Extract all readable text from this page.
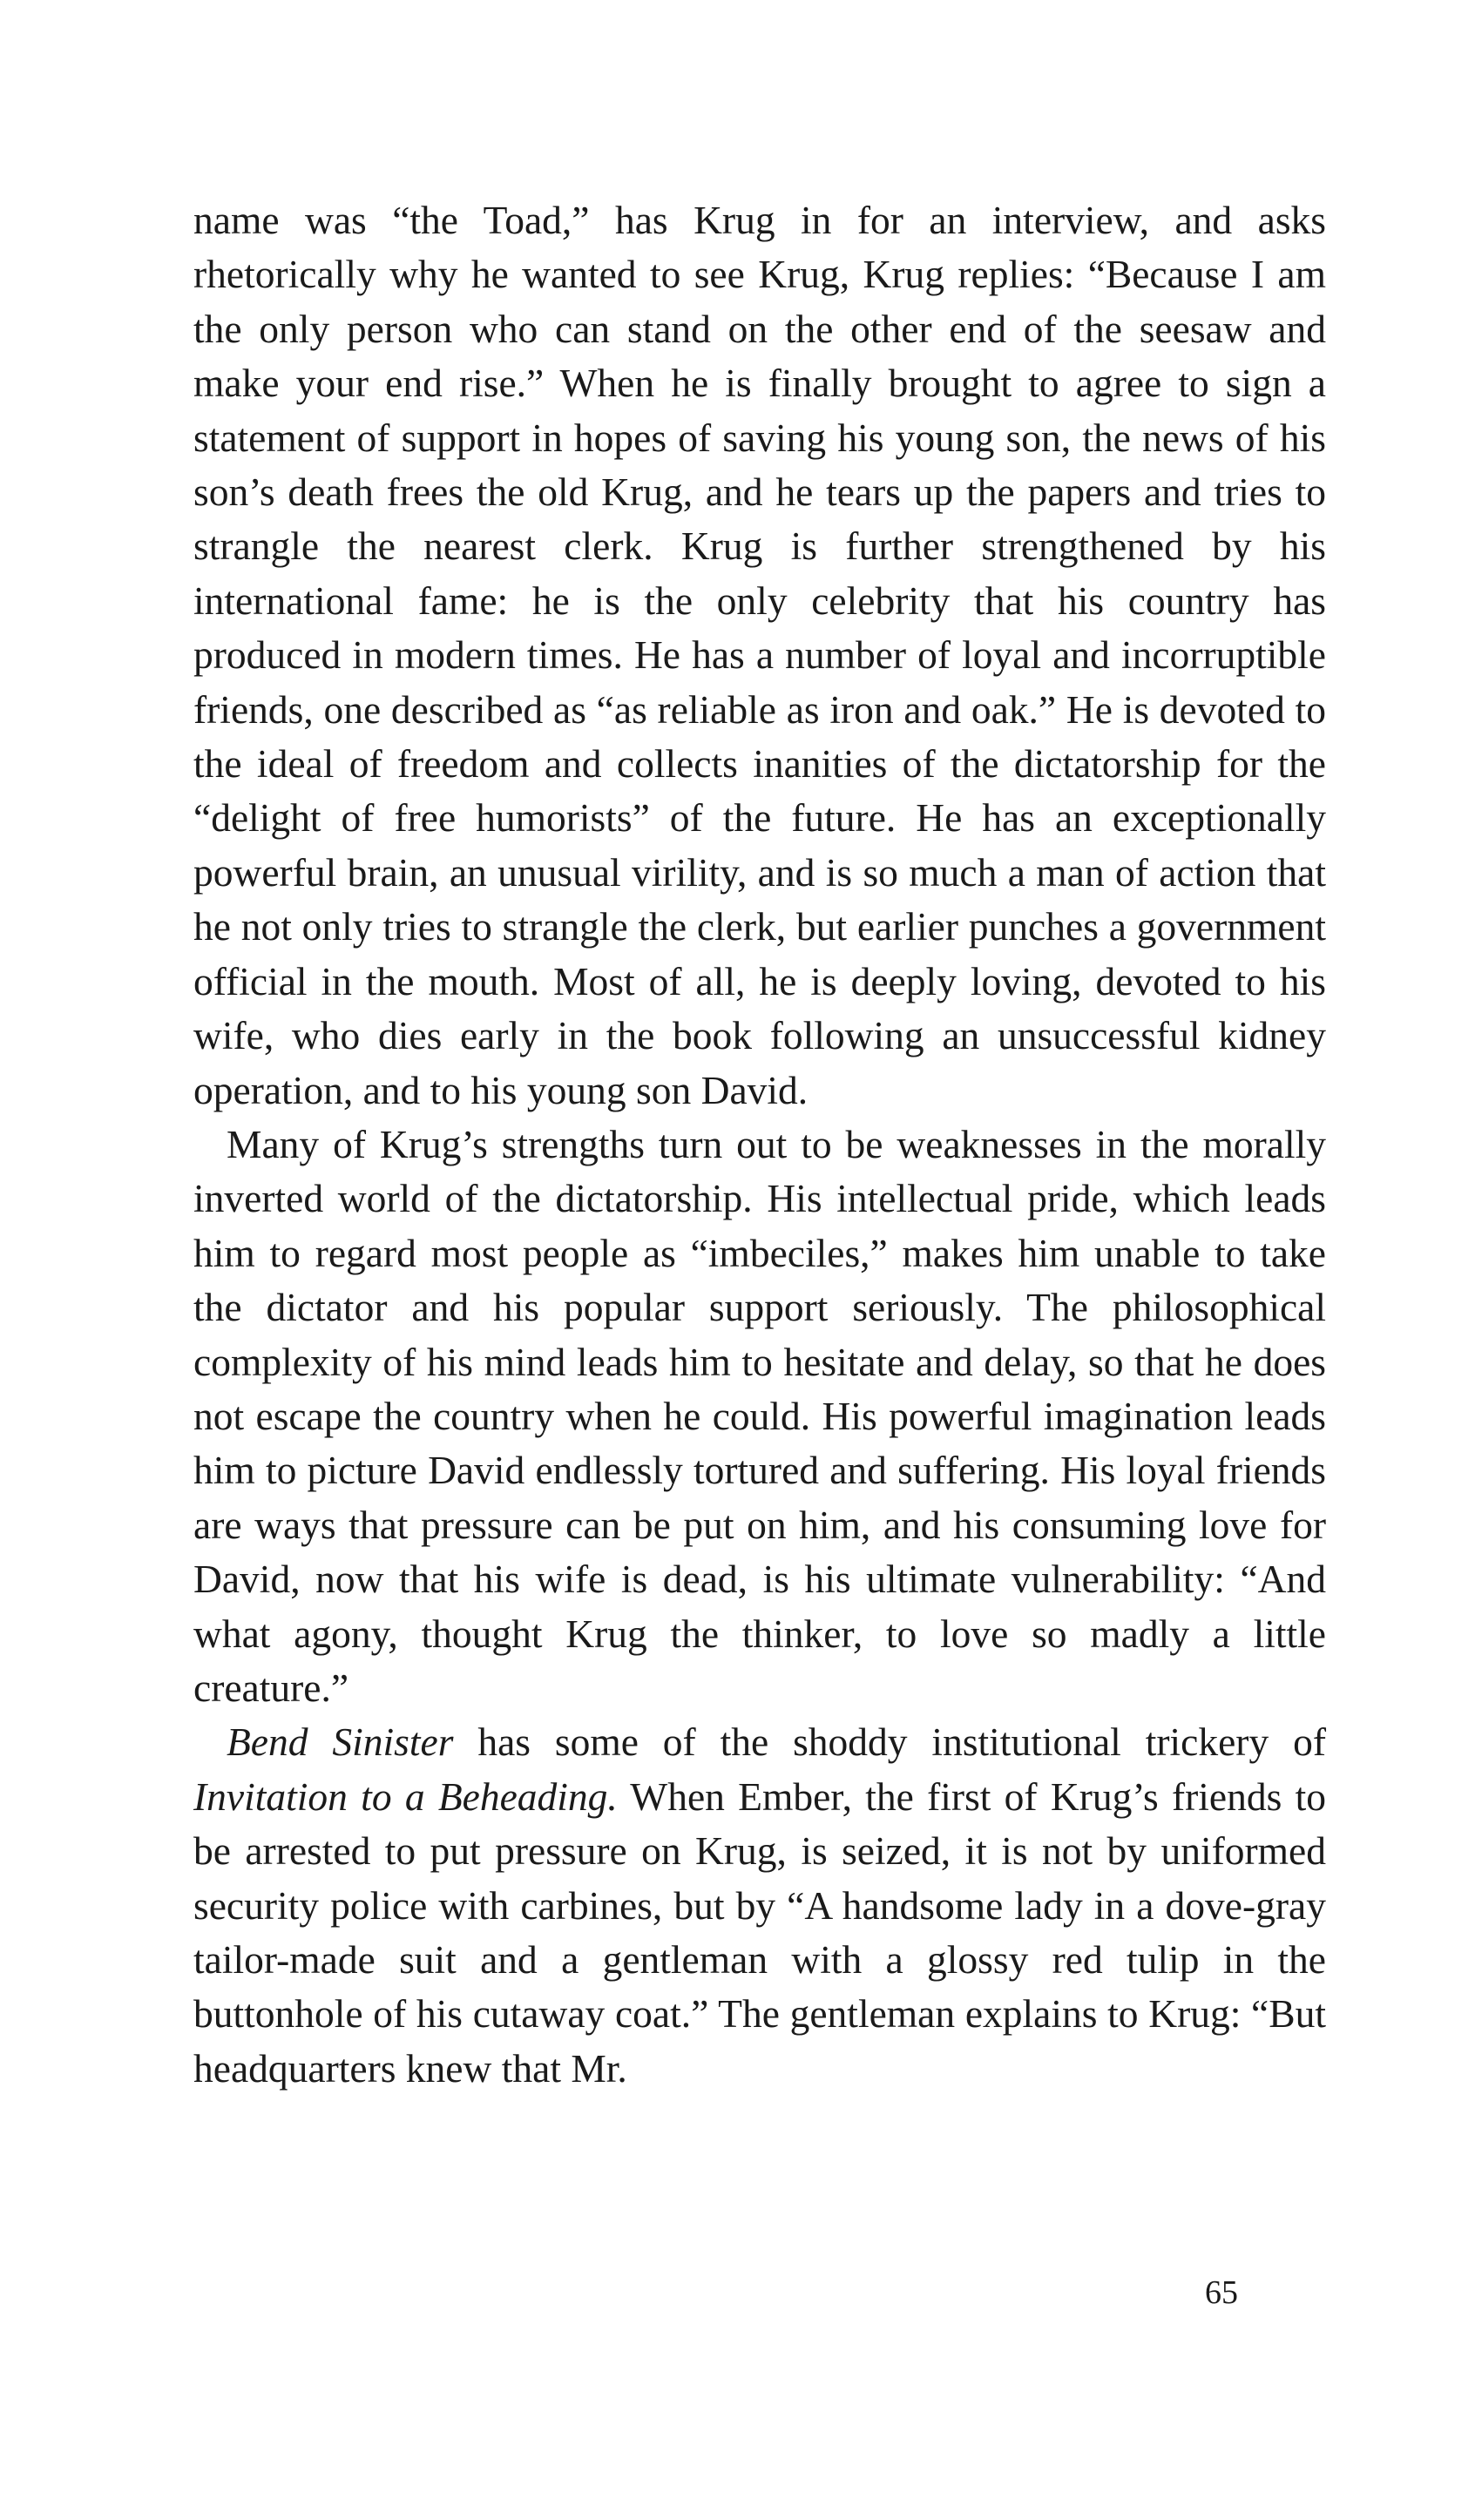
name was “the Toad,” has Krug in for an interview, and asks rhetorically why he wanted to see Krug, Krug replies: “Because I am the only person who can stand on the other end of the seesaw and make your end rise.” When he is finally brought to agree to sign a statement of support in hopes of saving his young son, the news of his son’s death frees the old Krug, and he tears up the papers and tries to strangle the nearest clerk. Krug is further strengthened by his international fame: he is the only celebrity that his country has produced in modern times. He has a number of loyal and incorruptible friends, one described as “as reliable as iron and oak.” He is devoted to the ideal of freedom and collects inanities of the dictatorship for the “delight of free humorists” of the future. He has an exceptionally powerful brain, an unusual virility, and is so much a man of action that he not only tries to strangle the clerk, but earlier punches a government official in the mouth. Most of all, he is deeply loving, devoted to his wife, who dies early in the book following an unsuccessful kidney operation, and to his young son David.

Many of Krug’s strengths turn out to be weaknesses in the morally inverted world of the dictatorship. His intellectual pride, which leads him to regard most people as “imbeciles,” makes him unable to take the dictator and his popular support seriously. The philosophical complexity of his mind leads him to hesitate and delay, so that he does not escape the country when he could. His powerful imagination leads him to picture David endlessly tortured and suffering. His loyal friends are ways that pressure can be put on him, and his consuming love for David, now that his wife is dead, is his ultimate vulnerability: “And what agony, thought Krug the thinker, to love so madly a little creature.”

Bend Sinister has some of the shoddy institutional trickery of Invitation to a Beheading. When Ember, the first of Krug’s friends to be arrested to put pressure on Krug, is seized, it is not by uniformed security police with carbines, but by “A handsome lady in a dove-gray tailor-made suit and a gentleman with a glossy red tulip in the buttonhole of his cutaway coat.” The gentleman explains to Krug: “But headquarters knew that Mr.

65
